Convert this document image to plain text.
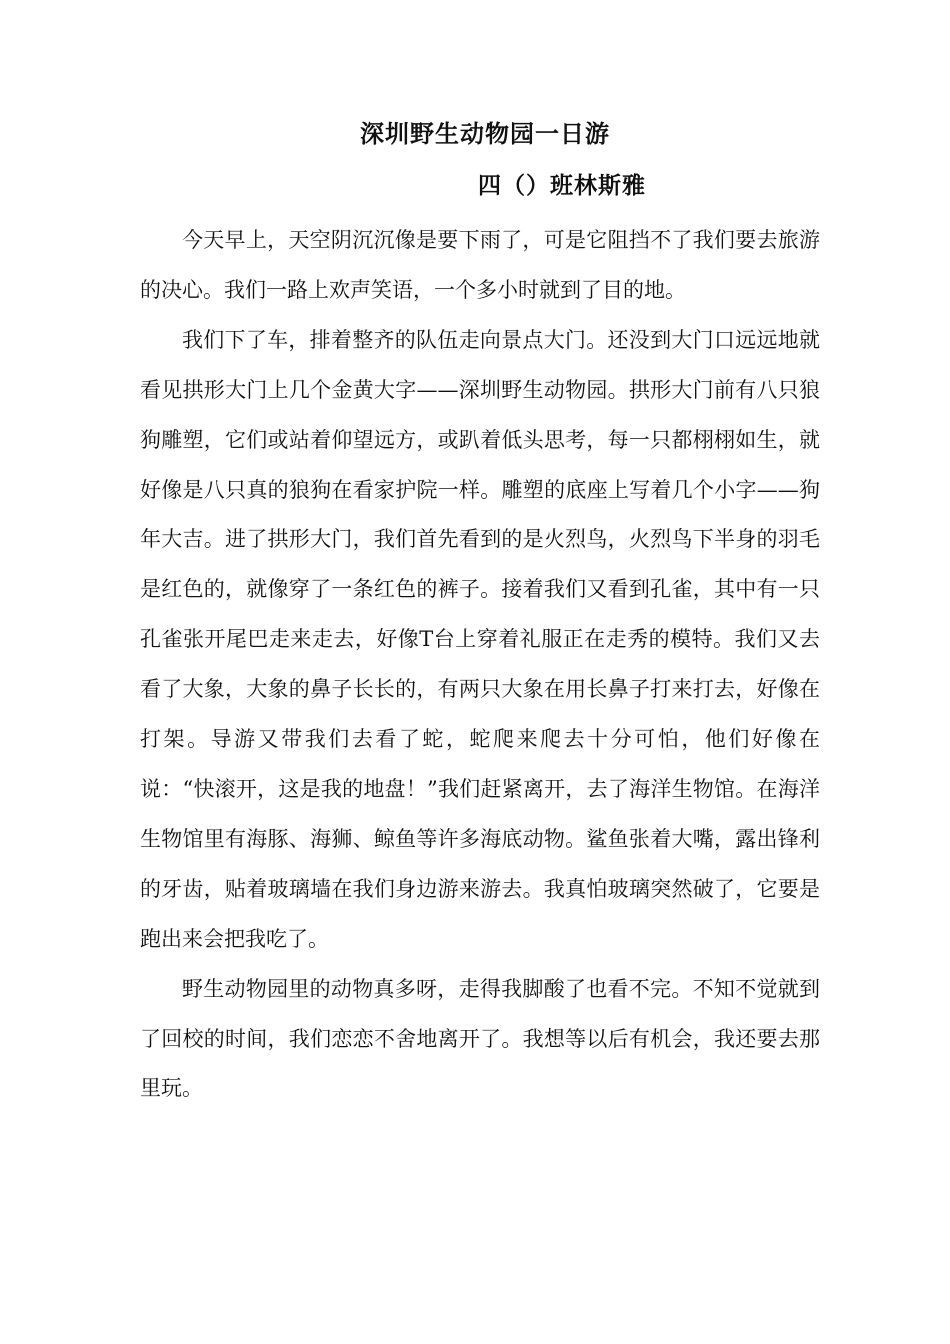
深圳野生动物园一日游
四（）班林斯雅

今天早上，天空阴沉沉像是要下雨了，可是它阻挡不了我们要去旅游的决心。我们一路上欢声笑语，一个多小时就到了目的地。

我们下了车，排着整齐的队伍走向景点大门。还没到大门口远远地就看见拱形大门上几个金黄大字——深圳野生动物园。拱形大门前有八只狼狗雕塑，它们或站着仰望远方，或趴着低头思考，每一只都栩栩如生，就好像是八只真的狼狗在看家护院一样。雕塑的底座上写着几个小字——狗年大吉。进了拱形大门，我们首先看到的是火烈鸟，火烈鸟下半身的羽毛是红色的，就像穿了一条红色的裤子。接着我们又看到孔雀，其中有一只孔雀张开尾巴走来走去，好像T台上穿着礼服正在走秀的模特。我们又去看了大象，大象的鼻子长长的，有两只大象在用长鼻子打来打去，好像在打架。导游又带我们去看了蛇，蛇爬来爬去十分可怕，他们好像在说：“快滚开，这是我的地盘！”我们赶紧离开，去了海洋生物馆。在海洋生物馆里有海豚、海狮、鲸鱼等许多海底动物。鲨鱼张着大嘴，露出锋利的牙齿，贴着玻璃墙在我们身边游来游去。我真怕玻璃突然破了，它要是跑出来会把我吃了。

野生动物园里的动物真多呀，走得我脚酸了也看不完。不知不觉就到了回校的时间，我们恋恋不舍地离开了。我想等以后有机会，我还要去那里玩。
